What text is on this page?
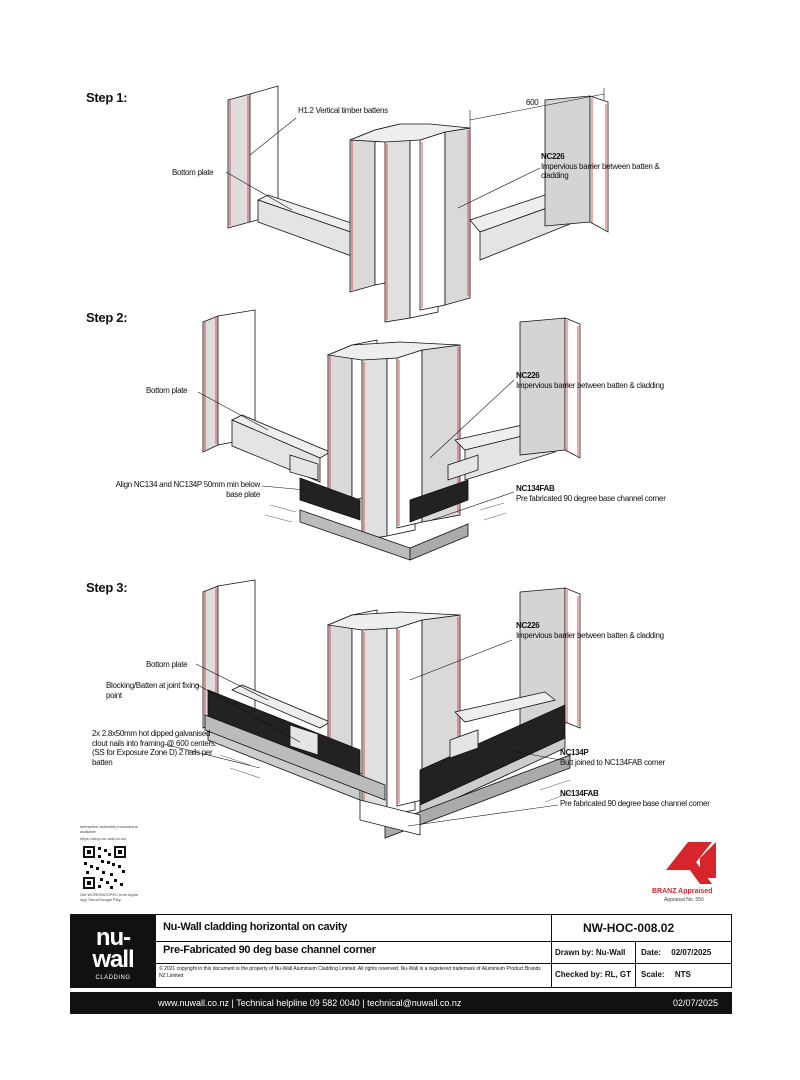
Step 1:
Step 2:
Step 3:
H1.2 Vertical timber battens
600
Bottom plate
NC226
Impervious barrier between batten & cladding
Bottom plate
NC226
Impervious barrier between batten & cladding
Align NC134 and NC134P 50mm min below base plate
NC134FAB
Pre fabricated 90 degree base channel corner
NC226
Impervious barrier between batten & cladding
Bottom plate
Blocking/Batten at joint fixing point
2x 2.8x50mm hot dipped galvanised clout nails into framing @ 600 centers. (SS for Exposure Zone D) 2 nails per batten
NC134P
Butt joined to NC134FAB corner
NC134FAB
Pre fabricated 90 degree base channel corner
interactive assembly instructions available
https://shop.nu-wall.co.nz/
Get WORKINGSPEC from Apple App Store/Google Play
BRANZ Appraised
Appraisal No. 550
nu-
wall
CLADDING
Nu-Wall cladding horizontal on cavity
Pre-Fabricated 90 deg base channel corner
© 2021 copyright in this document is the property of Nu-Wall Aluminium Cladding Limited. All rights reserved. Nu-Wall is a registered trademark of Aluminium Product Brands NZ Limited
NW-HOC-008.02
Drawn by: Nu-Wall Date: 02/07/2025
Checked by: RL, GT Scale: NTS
www.nuwall.co.nz | Technical helpline 09 582 0040 | technical@nuwall.co.nz	02/07/2025
